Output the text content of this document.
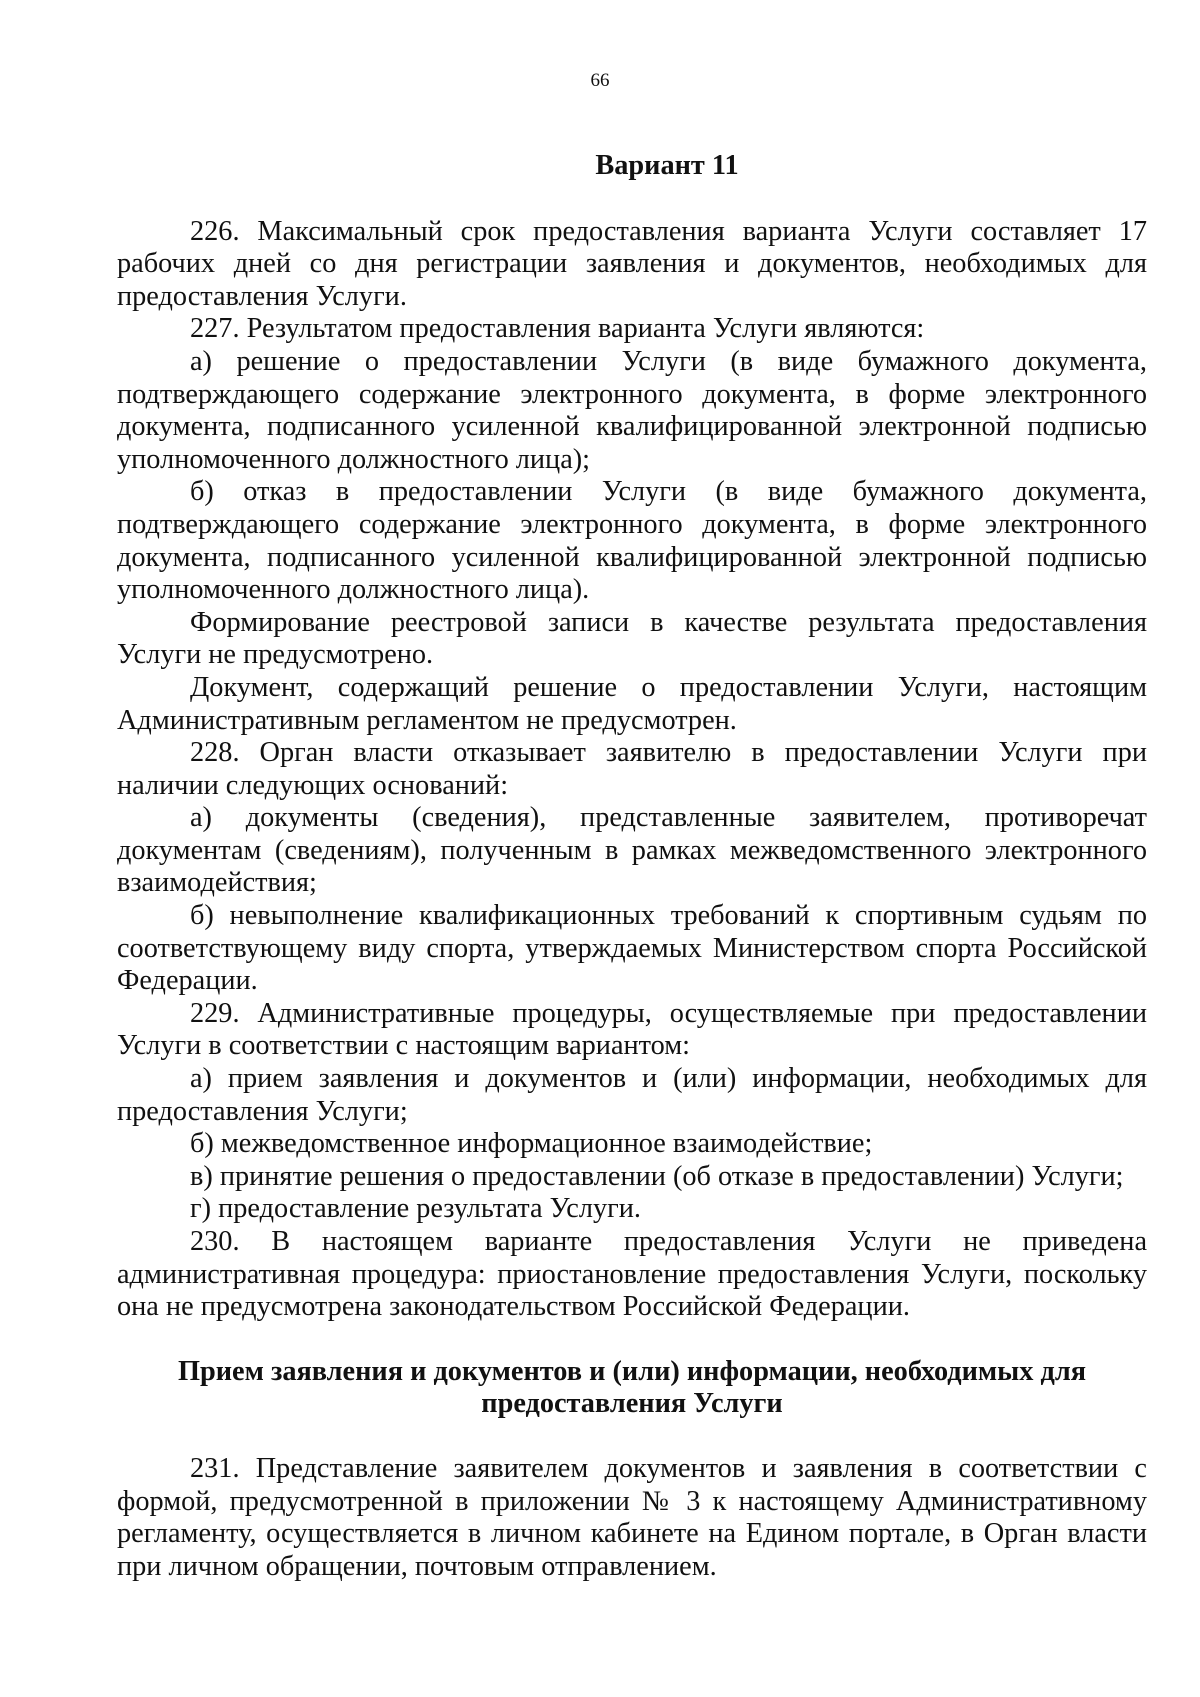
66

Вариант 11

226. Максимальный срок предоставления варианта Услуги составляет 17 рабочих дней со дня регистрации заявления и документов, необходимых для предоставления Услуги.

227. Результатом предоставления варианта Услуги являются:

а) решение о предоставлении Услуги (в виде бумажного документа, подтверждающего содержание электронного документа, в форме электронного документа, подписанного усиленной квалифицированной электронной подписью уполномоченного должностного лица);

б) отказ в предоставлении Услуги (в виде бумажного документа, подтверждающего содержание электронного документа, в форме электронного документа, подписанного усиленной квалифицированной электронной подписью уполномоченного должностного лица).

Формирование реестровой записи в качестве результата предоставления Услуги не предусмотрено.

Документ, содержащий решение о предоставлении Услуги, настоящим Административным регламентом не предусмотрен.

228. Орган власти отказывает заявителю в предоставлении Услуги при наличии следующих оснований:

а) документы (сведения), представленные заявителем, противоречат документам (сведениям), полученным в рамках межведомственного электронного взаимодействия;

б) невыполнение квалификационных требований к спортивным судьям по соответствующему виду спорта, утверждаемых Министерством спорта Российской Федерации.

229. Административные процедуры, осуществляемые при предоставлении Услуги в соответствии с настоящим вариантом:

а) прием заявления и документов и (или) информации, необходимых для предоставления Услуги;

б) межведомственное информационное взаимодействие;

в) принятие решения о предоставлении (об отказе в предоставлении) Услуги;

г) предоставление результата Услуги.

230. В настоящем варианте предоставления Услуги не приведена административная процедура: приостановление предоставления Услуги, поскольку она не предусмотрена законодательством Российской Федерации.

Прием заявления и документов и (или) информации, необходимых для
предоставления Услуги

231. Представление заявителем документов и заявления в соответствии с формой, предусмотренной в приложении № 3 к настоящему Административному регламенту, осуществляется в личном кабинете на Едином портале, в Орган власти при личном обращении, почтовым отправлением.
